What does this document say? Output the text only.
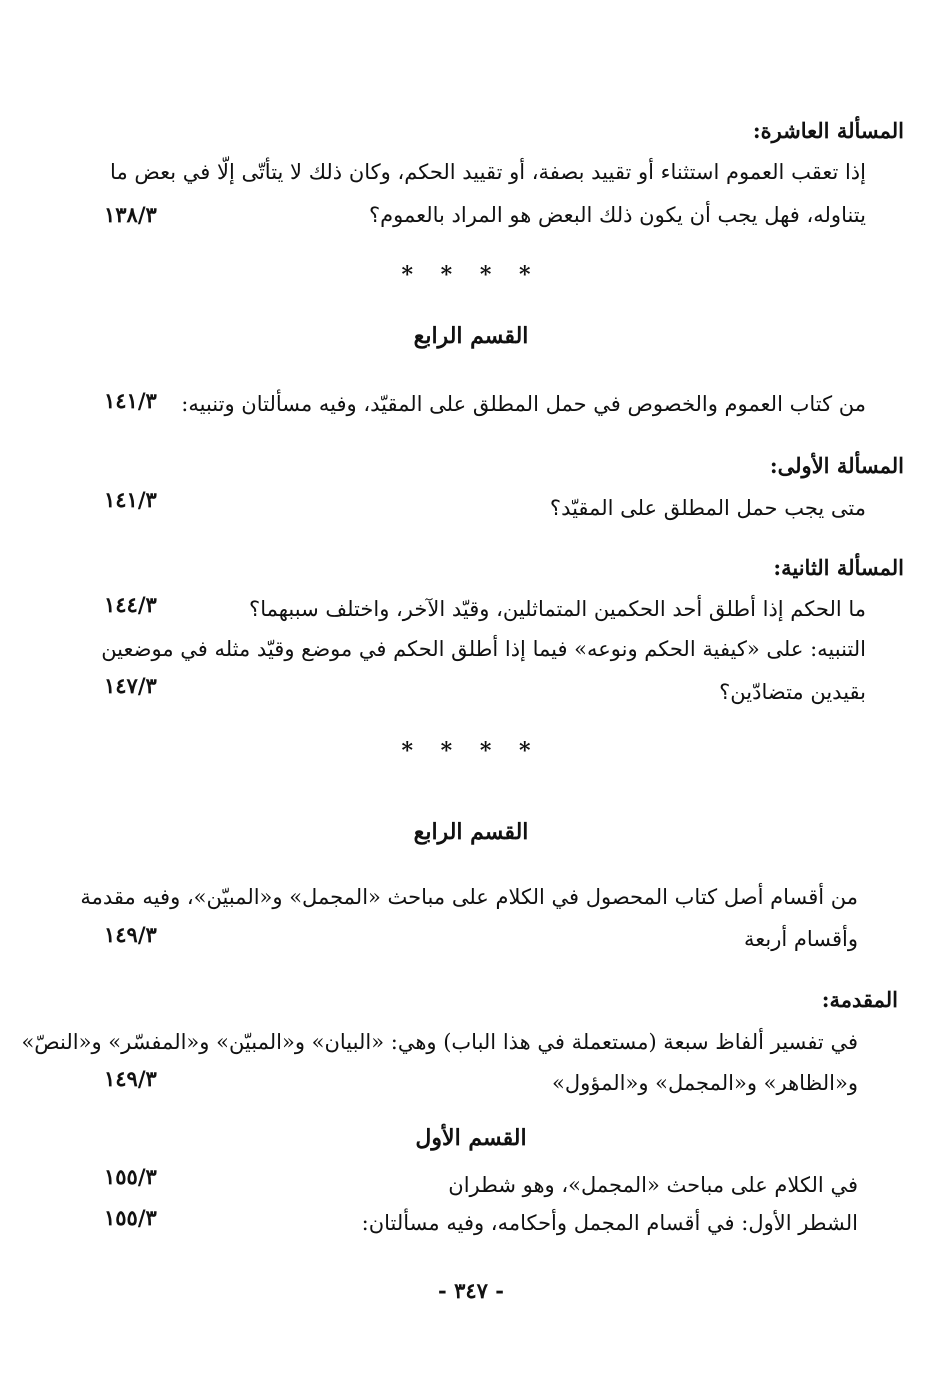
المسألة العاشرة:
إذا تعقب العموم استثناء أو تقييد بصفة، أو تقييد الحكم، وكان ذلك لا يتأتّى إلّا في بعض ما
يتناوله، فهل يجب أن يكون ذلك البعض هو المراد بالعموم؟
١٣٨/٣
* * * *
القسم الرابع
من كتاب العموم والخصوص في حمل المطلق على المقيّد، وفيه مسألتان وتنبيه:
١٤١/٣
المسألة الأولى:
متى يجب حمل المطلق على المقيّد؟
١٤١/٣
المسألة الثانية:
ما الحكم إذا أطلق أحد الحكمين المتماثلين، وقيّد الآخر، واختلف سببهما؟
١٤٤/٣
التنبيه: على «كيفية الحكم ونوعه» فيما إذا أطلق الحكم في موضع وقيّد مثله في موضعين
بقيدين متضادّين؟
١٤٧/٣
* * * *
القسم الرابع
من أقسام أصل كتاب المحصول في الكلام على مباحث «المجمل» و«المبيّن»، وفيه مقدمة
وأقسام أربعة
١٤٩/٣
المقدمة:
في تفسير ألفاظ سبعة (مستعملة في هذا الباب) وهي: «البيان» و«المبيّن» و«المفسّر» و«النصّ»
و«الظاهر» و«المجمل» و«المؤول»
١٤٩/٣
القسم الأول
في الكلام على مباحث «المجمل»، وهو شطران
١٥٥/٣
الشطر الأول: في أقسام المجمل وأحكامه، وفيه مسألتان:
١٥٥/٣
- ٣٤٧ -
